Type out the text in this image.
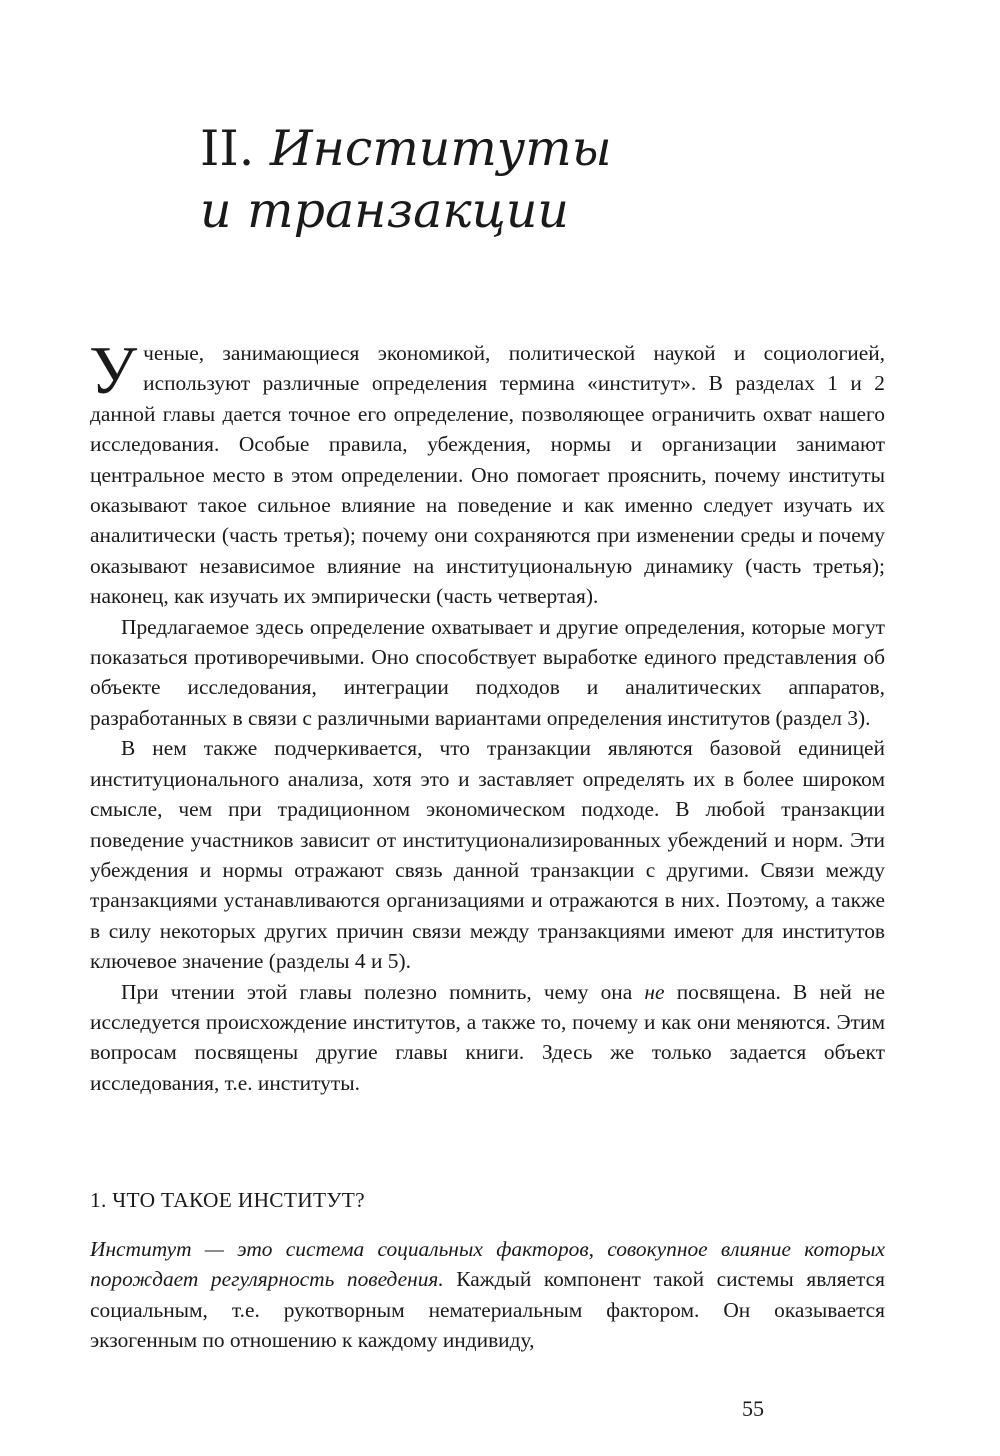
II. Институты
и транзакции

Ученые, занимающиеся экономикой, политической наукой и социологией, используют различные определения термина «институт». В разделах 1 и 2 данной главы дается точное его определение, позволяющее ограничить охват нашего исследования. Особые правила, убеждения, нормы и организации занимают центральное место в этом определении. Оно помогает прояснить, почему институты оказывают такое сильное влияние на поведение и как именно следует изучать их аналитически (часть третья); почему они сохраняются при изменении среды и почему оказывают независимое влияние на институциональную динамику (часть третья); наконец, как изучать их эмпирически (часть четвертая).

Предлагаемое здесь определение охватывает и другие определения, которые могут показаться противоречивыми. Оно способствует выработке единого представления об объекте исследования, интеграции подходов и аналитических аппаратов, разработанных в связи с различными вариантами определения институтов (раздел 3).

В нем также подчеркивается, что транзакции являются базовой единицей институционального анализа, хотя это и заставляет определять их в более широком смысле, чем при традиционном экономическом подходе. В любой транзакции поведение участников зависит от институционализированных убеждений и норм. Эти убеждения и нормы отражают связь данной транзакции с другими. Связи между транзакциями устанавливаются организациями и отражаются в них. Поэтому, а также в силу некоторых других причин связи между транзакциями имеют для институтов ключевое значение (разделы 4 и 5).

При чтении этой главы полезно помнить, чему она не посвящена. В ней не исследуется происхождение институтов, а также то, почему и как они меняются. Этим вопросам посвящены другие главы книги. Здесь же только задается объект исследования, т.е. институты.

1. ЧТО ТАКОЕ ИНСТИТУТ?

Институт — это система социальных факторов, совокупное влияние которых порождает регулярность поведения. Каждый компонент такой системы является социальным, т.е. рукотворным нематериальным фактором. Он оказывается экзогенным по отношению к каждому индивиду,

55
